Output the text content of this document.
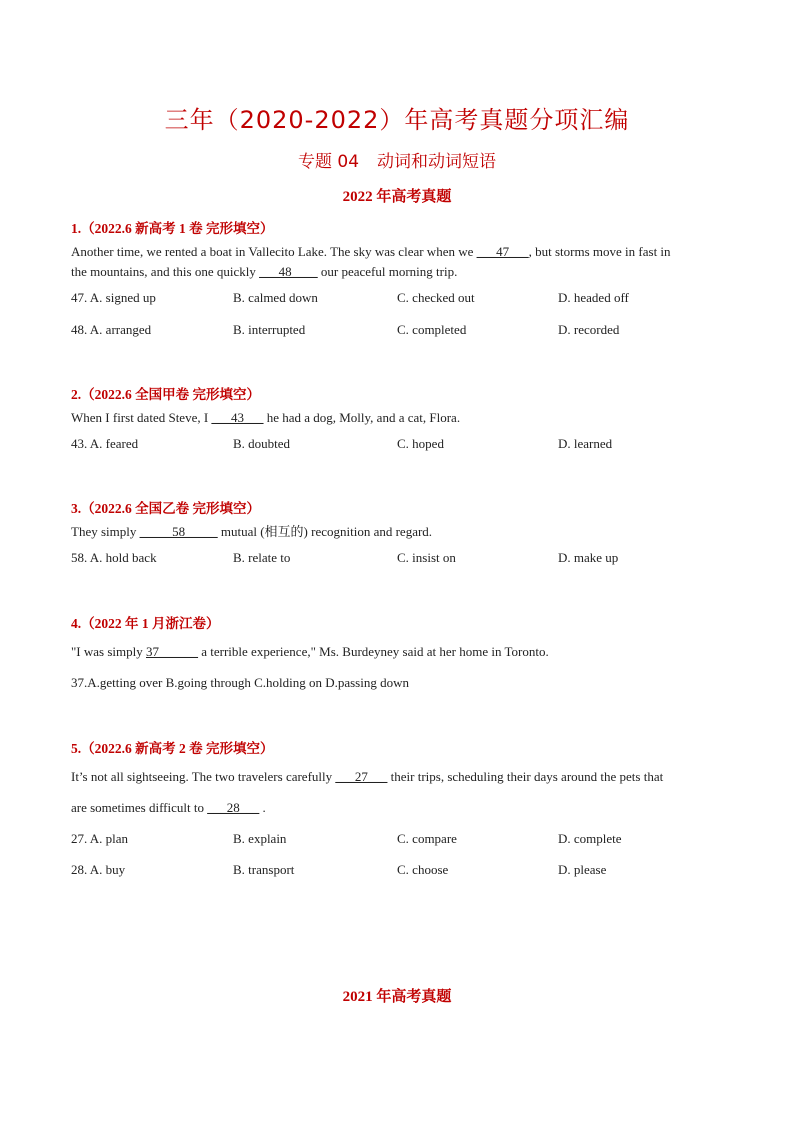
三年（2020-2022）年高考真题分项汇编
专题 04 动词和动词短语
2022 年高考真题
1.（2022.6 新高考 1 卷 完形填空）
Another time, we rented a boat in Vallecito Lake. The sky was clear when we ___47___, but storms move in fast in
the mountains, and this one quickly ___48____ our peaceful morning trip.
47. A. signed up	B. calmed down	C. checked out	D. headed off
48. A. arranged	B. interrupted	C. completed	D. recorded
2.（2022.6 全国甲卷 完形填空）
When I first dated Steve, I ___43___ he had a dog, Molly, and a cat, Flora.
43. A. feared	B. doubted	C. hoped	D. learned
3.（2022.6 全国乙卷 完形填空）
They simply _____58_____ mutual (相互的) recognition and regard.
58. A. hold back	B. relate to	C. insist on	D. make up
4.（2022 年 1 月浙江卷）
"I was simply 37______ a terrible experience," Ms. Burdeyney said at her home in Toronto.
37.A.getting over B.going through C.holding on D.passing down
5.（2022.6 新高考 2 卷 完形填空）
It’s not all sightseeing. The two travelers carefully ___27___ their trips, scheduling their days around the pets that
are sometimes difficult to ___28___ .
27. A. plan	B. explain	C. compare	D. complete
28. A. buy	B. transport	C. choose	D. please
2021 年高考真题
